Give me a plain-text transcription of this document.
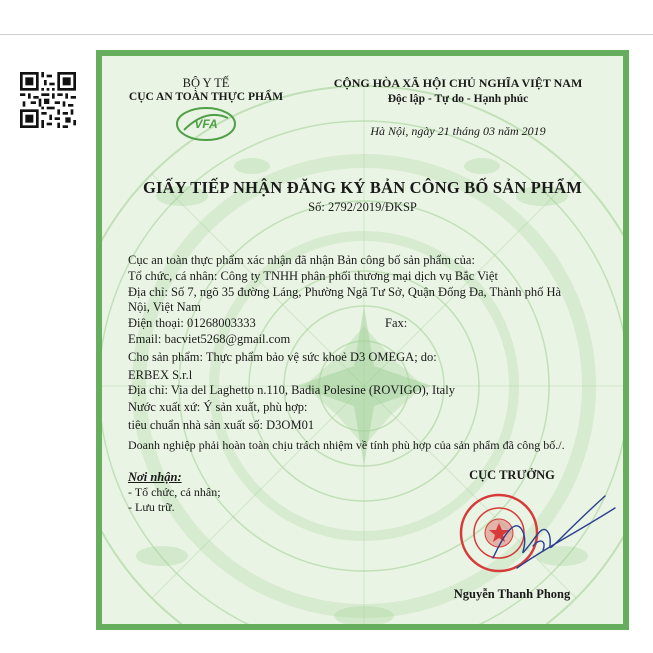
VFA
BỘ Y TẾ
CỤC AN TOÀN THỰC PHẨM
CỘNG HÒA XÃ HỘI CHỦ NGHĨA VIỆT NAM
Độc lập - Tự do - Hạnh phúc
Hà Nội, ngày 21 tháng 03 năm 2019
GIẤY TIẾP NHẬN ĐĂNG KÝ BẢN CÔNG BỐ SẢN PHẨM
Số: 2792/2019/ĐKSP
Cục an toàn thực phẩm xác nhận đã nhận Bản công bố sản phẩm của:
Tổ chức, cá nhân: Công ty TNHH phân phối thương mại dịch vụ Bắc Việt
Địa chỉ: Số 7, ngõ 35 đường Láng, Phường Ngã Tư Sở, Quận Đống Đa, Thành phố Hà
Nội, Việt Nam
Điện thoại: 01268003333	Fax:
Email: bacviet5268@gmail.com
Cho sản phẩm: Thực phẩm bảo vệ sức khoẻ D3 OMEGA; do:
ERBEX S.r.l
Địa chỉ: Via del Laghetto n.110, Badia Polesine (ROVIGO), Italy
Nước xuất xứ: Ý sản xuất, phù hợp:
tiêu chuẩn nhà sản xuất số: D3OM01
Doanh nghiệp phải hoàn toàn chịu trách nhiệm về tính phù hợp của sản phẩm đã công bố./.
Nơi nhận:
- Tổ chức, cá nhân;
- Lưu trữ.
CỤC TRƯỞNG
Nguyễn Thanh Phong
